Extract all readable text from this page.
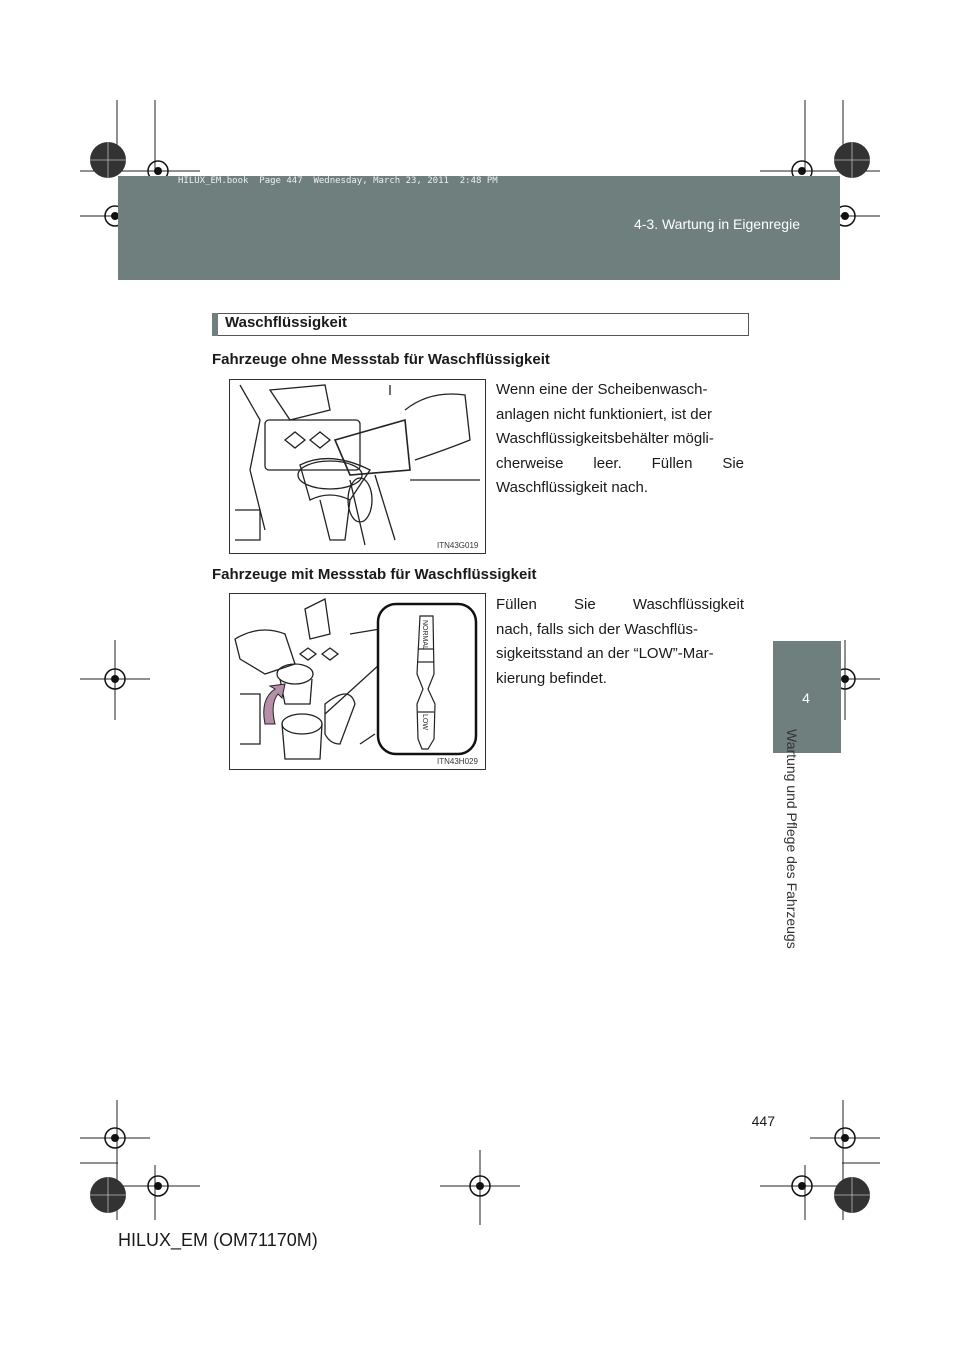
HILUX_EM.book  Page 447  Wednesday, March 23, 2011  2:48 PM
4-3. Wartung in Eigenregie
4
Wartung und Pflege des Fahrzeugs
Waschflüssigkeit
Fahrzeuge ohne Messstab für Waschflüssigkeit
ITN43G019
Wenn eine der Scheibenwasch-
anlagen nicht funktioniert, ist der
Waschflüssigkeitsbehälter mögli-
cherweise leer. Füllen Sie
Waschflüssigkeit nach.
Fahrzeuge mit Messstab für Waschflüssigkeit
NORMAL
LOW
ITN43H029
Füllen Sie Waschflüssigkeit
nach, falls sich der Waschflüs-
sigkeitsstand an der “LOW”-Mar-
kierung befindet.
447
HILUX_EM (OM71170M)
